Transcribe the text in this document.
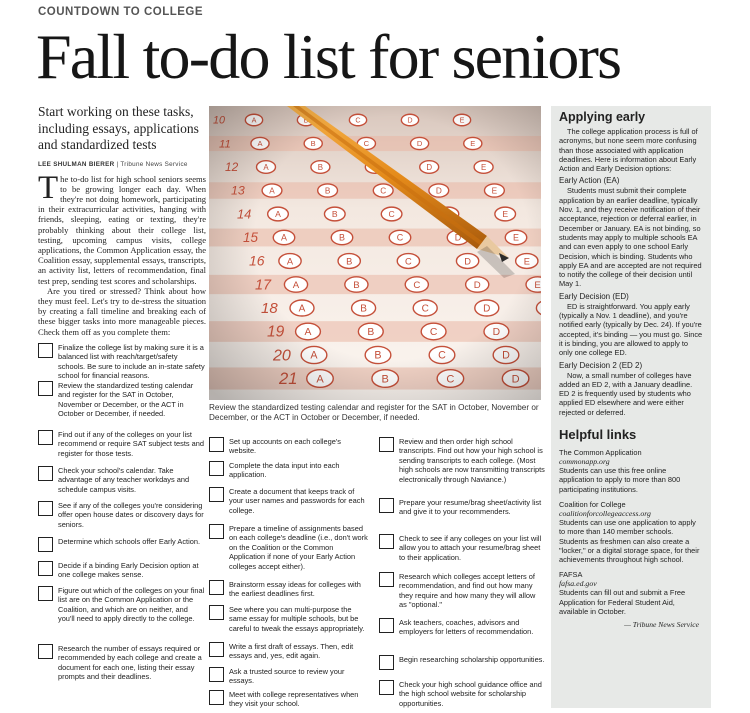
COUNTDOWN TO COLLEGE
Fall to-do list for seniors
Start working on these tasks, including essays, applications and standardized tests
LEE SHULMAN BIERER | Tribune News Service

The to-do list for high school seniors seems to be growing longer each day. When they're not doing homework, participating in their extracurricular activities, hanging with friends, sleeping, eating or texting, they're probably thinking about their college list, testing, upcoming campus visits, college applications, the Common Application essay, the Coalition essay, supplemental essays, transcripts, an activity list, letters of recommendation, final test prep, sending test scores and scholarships.

Are you tired or stressed? Think about how they must feel. Let's try to de-stress the situation by creating a fall timeline and breaking each of these bigger tasks into more manageable pieces. Check them off as you complete them:

Review the standardized testing calendar and register for the SAT in October, November or December, or the ACT in October or December, if needed.
Finalize the college list by making sure it is a balanced list with reach/target/safety schools. Be sure to include an in-state safety school for financial reasons.
Review the standardized testing calendar and register for the SAT in October, November or December, or the ACT in October or December, if needed.
Find out if any of the colleges on your list recommend or require SAT subject tests and register for those tests.
Check your school's calendar. Take advantage of any teacher workdays and schedule campus visits.
See if any of the colleges you're considering offer open house dates or discovery days for seniors.
Determine which schools offer Early Action.
Decide if a binding Early Decision option at one college makes sense.
Figure out which of the colleges on your final list are on the Common Application or the Coalition, and which are on neither, and you'll need to apply directly to the college.
Research the number of essays required or recommended by each college and create a document for each one, listing their essay prompts and their deadlines.
Set up accounts on each college's website.
Complete the data input into each application.
Create a document that keeps track of your user names and passwords for each college.
Prepare a timeline of assignments based on each college's deadline (i.e., don't work on the Coalition or the Common Application if none of your Early Action colleges accept either).
Brainstorm essay ideas for colleges with the earliest deadlines first.
See where you can multi-purpose the same essay for multiple schools, but be careful to tweak the essays appropriately.
Write a first draft of essays. Then, edit essays and, yes, edit again.
Ask a trusted source to review your essays.
Meet with college representatives when they visit your school.
Review and then order high school transcripts. Find out how your high school is sending transcripts to each college. (Most high schools are now transmitting transcripts electronically through Naviance.)
Prepare your resume/brag sheet/activity list and give it to your recommenders.
Check to see if any colleges on your list will allow you to attach your resume/brag sheet to their application.
Research which colleges accept letters of recommendation, and find out how many they require and how many they will allow as "optional."
Ask teachers, coaches, advisors and employers for letters of recommendation.
Begin researching scholarship opportunities.
Check your high school guidance office and the high school website for scholarship opportunities.
Applying early
The college application process is full of acronyms, but none seem more confusing than those associated with application deadlines. Here is information about Early Action and Early Decision options:
Early Action (EA)
Students must submit their complete application by an earlier deadline, typically Nov. 1, and they receive notification of their acceptance, rejection or deferral earlier, in December or January. EA is not binding, so students may apply to multiple schools EA and can even apply to one school Early Decision, which is binding. Students who apply EA and are accepted are not required to notify the college of their decision until May 1.
Early Decision (ED)
ED is straightforward. You apply early (typically a Nov. 1 deadline), and you're notified early (typically by Dec. 24). If you're accepted, it's binding — you must go. Since it is binding, you are allowed to apply to only one college ED.
Early Decision 2 (ED 2)
Now, a small number of colleges have added an ED 2, with a January deadline. ED 2 is frequently used by students who applied ED elsewhere and were either rejected or deferred.
Helpful links
The Common Application
commonapp.org
Students can use this free online application to apply to more than 800 participating institutions.
Coalition for College
coalitionforcollegeaccess.org
Students can use one application to apply to more than 140 member schools. Students as freshmen can also create a "locker," or a digital storage space, for their achievements throughout high school.
FAFSA
fafsa.ed.gov
Students can fill out and submit a Free Application for Federal Student Aid, available in October.
— Tribune News Service
